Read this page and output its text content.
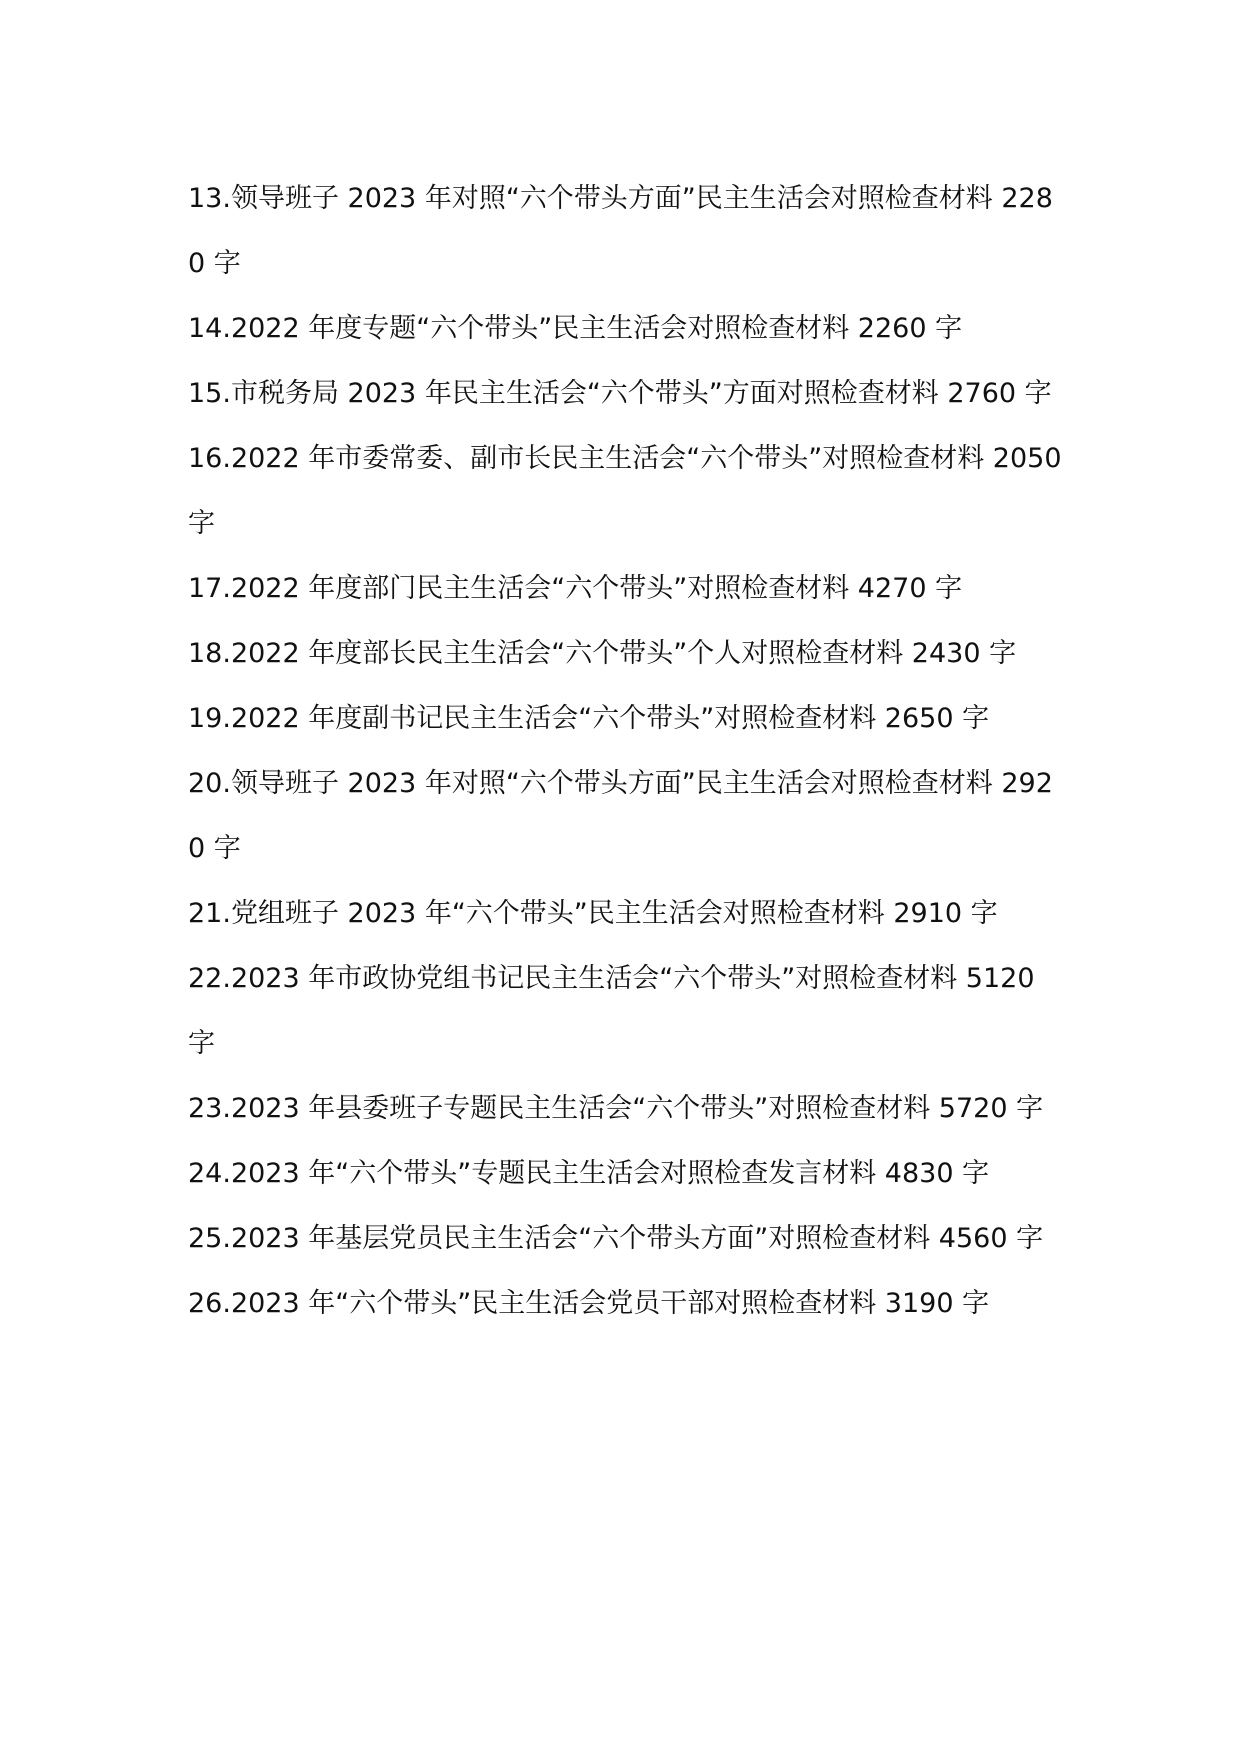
13.领导班子 2023 年对照“六个带头方面”民主生活会对照检查材料 2280 字

14.2022 年度专题“六个带头”民主生活会对照检查材料 2260 字

15.市税务局 2023 年民主生活会“六个带头”方面对照检查材料 2760 字

16.2022 年市委常委、副市长民主生活会“六个带头”对照检查材料 2050 字

17.2022 年度部门民主生活会“六个带头”对照检查材料 4270 字

18.2022 年度部长民主生活会“六个带头”个人对照检查材料 2430 字

19.2022 年度副书记民主生活会“六个带头”对照检查材料 2650 字

20.领导班子 2023 年对照“六个带头方面”民主生活会对照检查材料 2920 字

21.党组班子 2023 年“六个带头”民主生活会对照检查材料 2910 字

22.2023 年市政协党组书记民主生活会“六个带头”对照检查材料 5120 字

23.2023 年县委班子专题民主生活会“六个带头”对照检查材料 5720 字

24.2023 年“六个带头”专题民主生活会对照检查发言材料 4830 字

25.2023 年基层党员民主生活会“六个带头方面”对照检查材料 4560 字

26.2023 年“六个带头”民主生活会党员干部对照检查材料 3190 字
